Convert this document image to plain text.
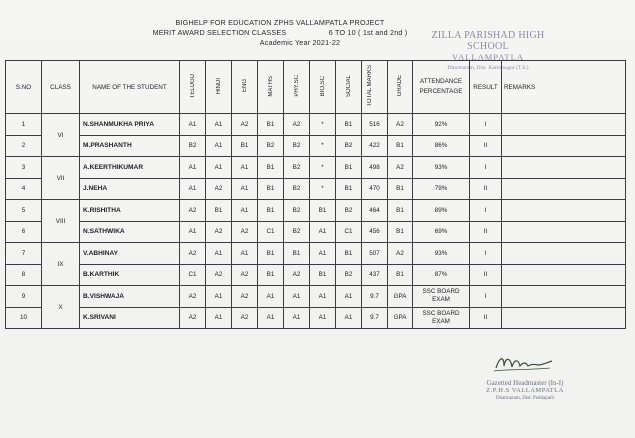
BIGHELP FOR EDUCATION ZPHS VALLAMPATLA PROJECT
MERIT AWARD SELECTION CLASSES	6 TO 10 ( 1st and 2nd )
Academic Year 2021-22
ZILLA PARISHAD HIGH SCHOOL
VALLAMPATLA
Dharmaram, Dist. Karimnagar (T.S.)
S.NO	CLASS	NAME OF THE STUDENT	TELUGU	HINDI	ENG	MATHS	PHY.SC	BIO.SC	SOCIAL	TOTAL MARKS	GRADE	ATTENDANCE PERCENTAGE	RESULT	REMARKS
1	VI	N.SHANMUKHA PRIYA	A1	A1	A2	B1	A2	*	B1	516	A2	92%	I	
2		M.PRASHANTH	B2	A1	B1	B2	B2	*	B2	422	B1	86%	II	
3	VII	A.KEERTHIKUMAR	A1	A1	A1	B1	B2	*	B1	498	A2	93%	I	
4		J.NEHA	A1	A2	A1	B1	B2	*	B1	470	B1	79%	II	
5	VIII	K.RISHITHA	A2	B1	A1	B1	B2	B1	B2	464	B1	89%	I	
6		N.SATHWIKA	A1	A2	A2	C1	B2	A1	C1	456	B1	69%	II	
7	IX	V.ABHINAY	A2	A1	A1	B1	B1	A1	B1	507	A2	93%	I	
8		B.KARTHIK	C1	A2	A2	B1	A2	B1	B2	437	B1	87%	II	
9	X	B.VISHWAJA	A2	A1	A2	A1	A1	A1	A1	9.7	GPA	SSC BOARD EXAM	I	
10		K.SRIVANI	A2	A1	A2	A1	A1	A1	A1	9.7	GPA	SSC BOARD EXAM	II	
Gazetted Headmaster (In-I)
Z.P.H.S VALLAMPATLA
Dharmaram, Dist. Peddapalli
